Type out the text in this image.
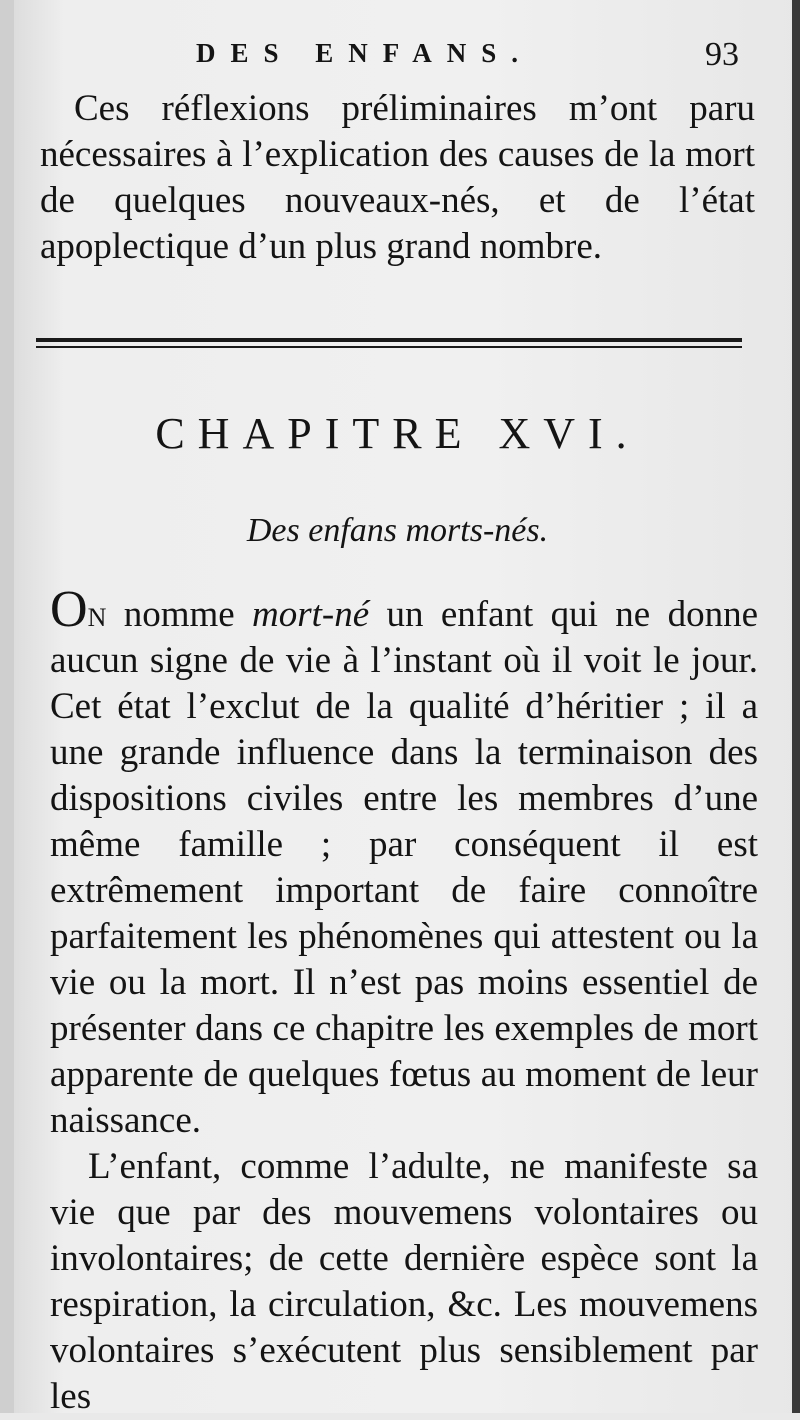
DES ENFANS.	93

Ces réflexions préliminaires m’ont paru nécessaires à l’explication des causes de la mort de quelques nouveaux-nés, et de l’état apoplectique d’un plus grand nombre.

CHAPITRE XVI.
Des enfans morts-nés.

On nomme mort-né un enfant qui ne donne aucun signe de vie à l’instant où il voit le jour. Cet état l’exclut de la qualité d’héritier ; il a une grande influence dans la terminaison des dispositions civiles entre les membres d’une même famille ; par conséquent il est extrêmement important de faire connoître parfaitement les phénomènes qui attestent ou la vie ou la mort. Il n’est pas moins essentiel de présenter dans ce chapitre les exemples de mort apparente de quelques fœtus au moment de leur naissance.

L’enfant, comme l’adulte, ne manifeste sa vie que par des mouvemens volontaires ou involontaires; de cette dernière espèce sont la respiration, la circulation, &c. Les mouvemens volontaires s’exécutent plus sensiblement par les
